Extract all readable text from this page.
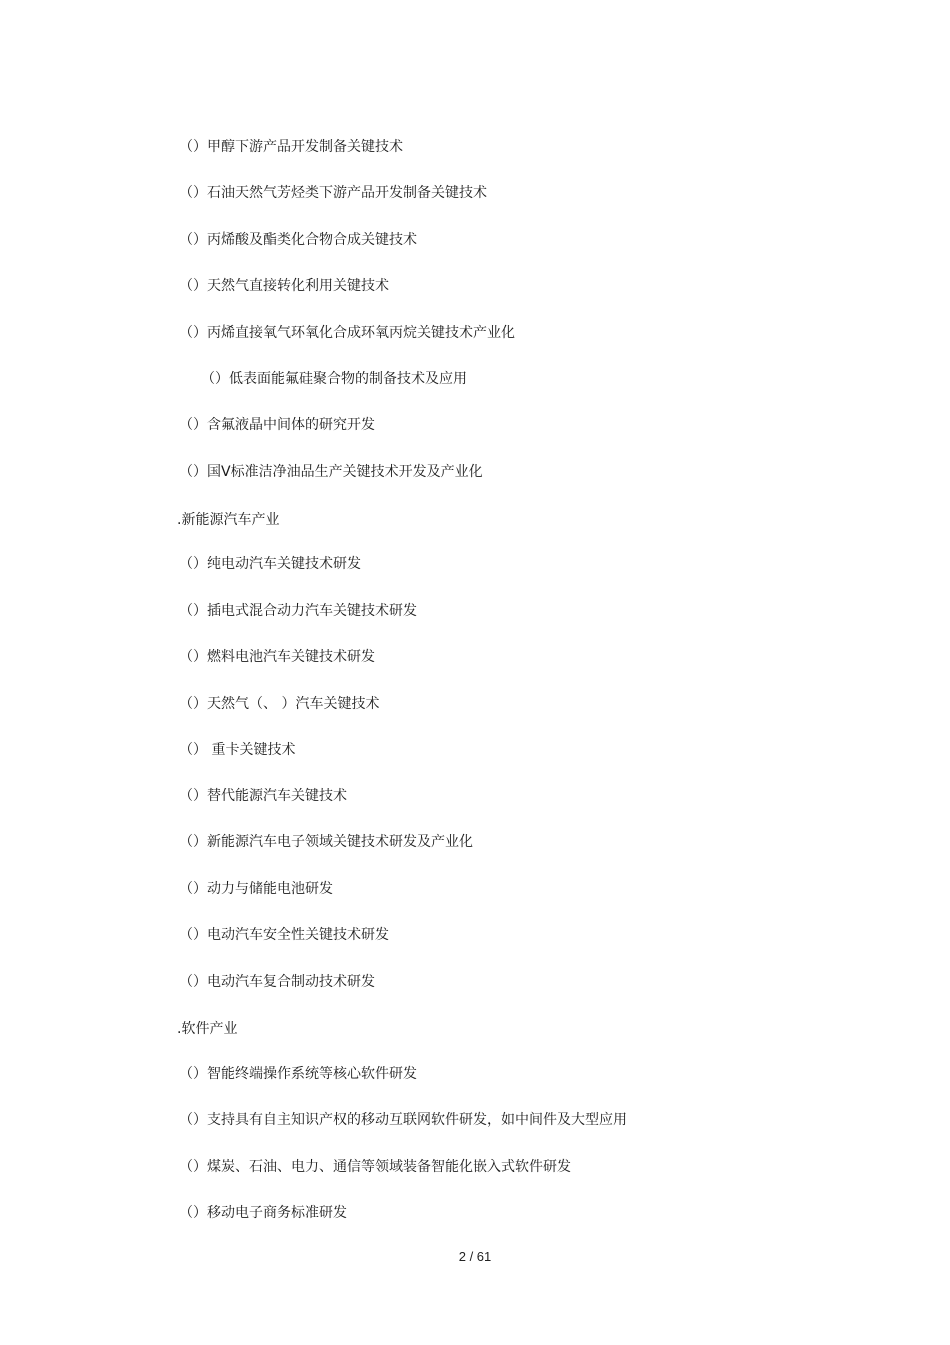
（）甲醇下游产品开发制备关键技术
（）石油天然气芳烃类下游产品开发制备关键技术
（）丙烯酸及酯类化合物合成关键技术
（）天然气直接转化利用关键技术
（）丙烯直接氧气环氧化合成环氧丙烷关键技术产业化
（）低表面能氟硅聚合物的制备技术及应用
（）含氟液晶中间体的研究开发
（）国Ⅴ标准洁净油品生产关键技术开发及产业化
.新能源汽车产业
（）纯电动汽车关键技术研发
（）插电式混合动力汽车关键技术研发
（）燃料电池汽车关键技术研发
（）天然气（、 ）汽车关键技术
（） 重卡关键技术
（）替代能源汽车关键技术
（）新能源汽车电子领域关键技术研发及产业化
（）动力与储能电池研发
（）电动汽车安全性关键技术研发
（）电动汽车复合制动技术研发
.软件产业
（）智能终端操作系统等核心软件研发
（）支持具有自主知识产权的移动互联网软件研发，如中间件及大型应用
（）煤炭、石油、电力、通信等领域装备智能化嵌入式软件研发
（）移动电子商务标准研发
2 / 61
